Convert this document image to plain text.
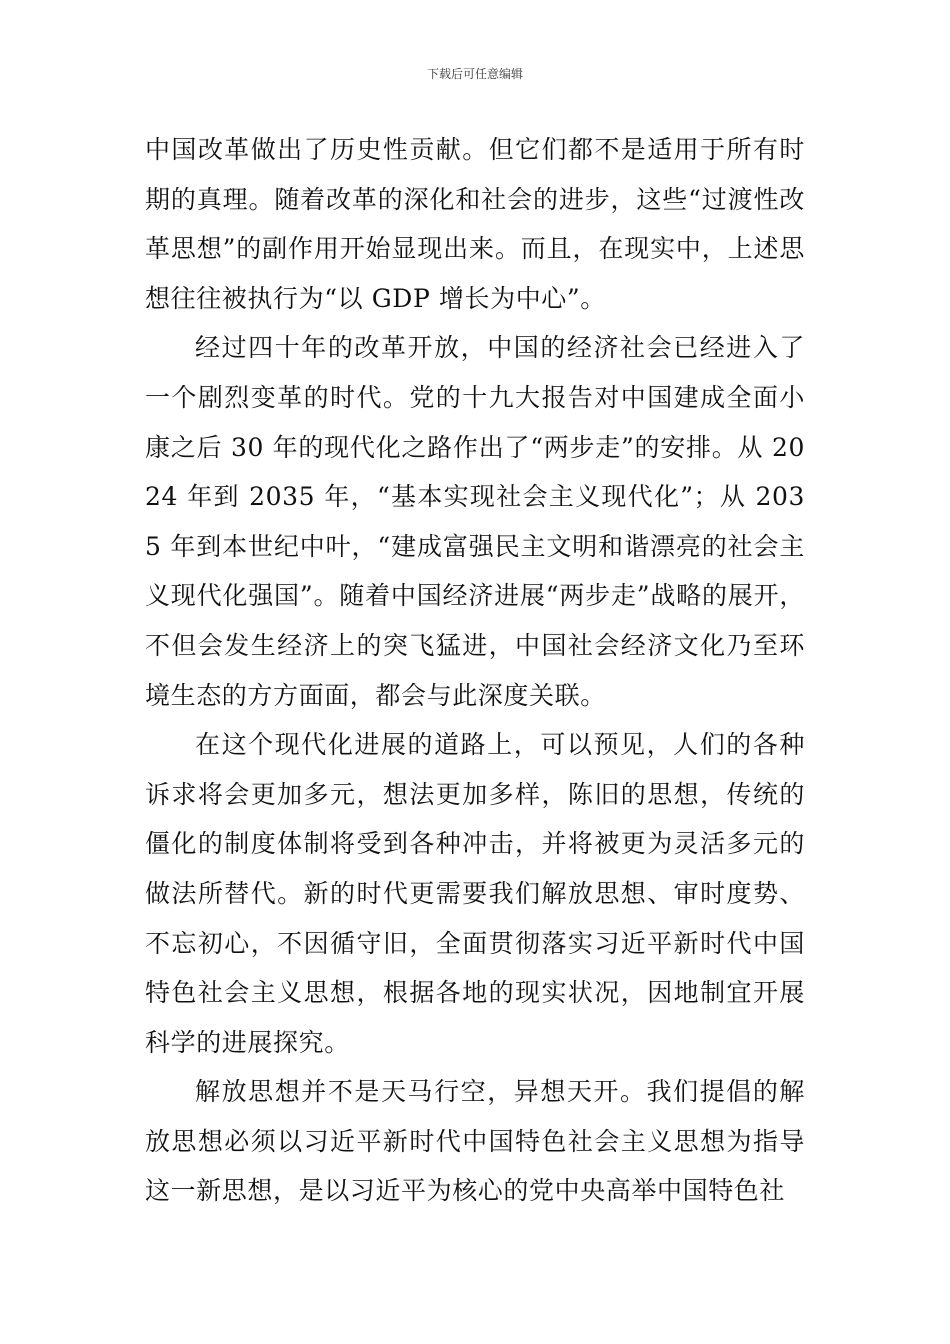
下载后可任意编辑

中国改革做出了历史性贡献。但它们都不是适用于所有时期的真理。随着改革的深化和社会的进步，这些“过渡性改革思想”的副作用开始显现出来。而且，在现实中，上述思想往往被执行为“以 GDP 增长为中心”。

经过四十年的改革开放，中国的经济社会已经进入了一个剧烈变革的时代。党的十九大报告对中国建成全面小康之后 30 年的现代化之路作出了“两步走”的安排。从 2024 年到 2035 年，“基本实现社会主义现代化”；从 2035 年到本世纪中叶，“建成富强民主文明和谐漂亮的社会主义现代化强国”。随着中国经济进展“两步走”战略的展开，不但会发生经济上的突飞猛进，中国社会经济文化乃至环境生态的方方面面，都会与此深度关联。

在这个现代化进展的道路上，可以预见，人们的各种诉求将会更加多元，想法更加多样，陈旧的思想，传统的僵化的制度体制将受到各种冲击，并将被更为灵活多元的做法所替代。新的时代更需要我们解放思想、审时度势、不忘初心，不因循守旧，全面贯彻落实习近平新时代中国特色社会主义思想，根据各地的现实状况，因地制宜开展科学的进展探究。

解放思想并不是天马行空，异想天开。我们提倡的解放思想必须以习近平新时代中国特色社会主义思想为指导这一新思想，是以习近平为核心的党中央高举中国特色社
